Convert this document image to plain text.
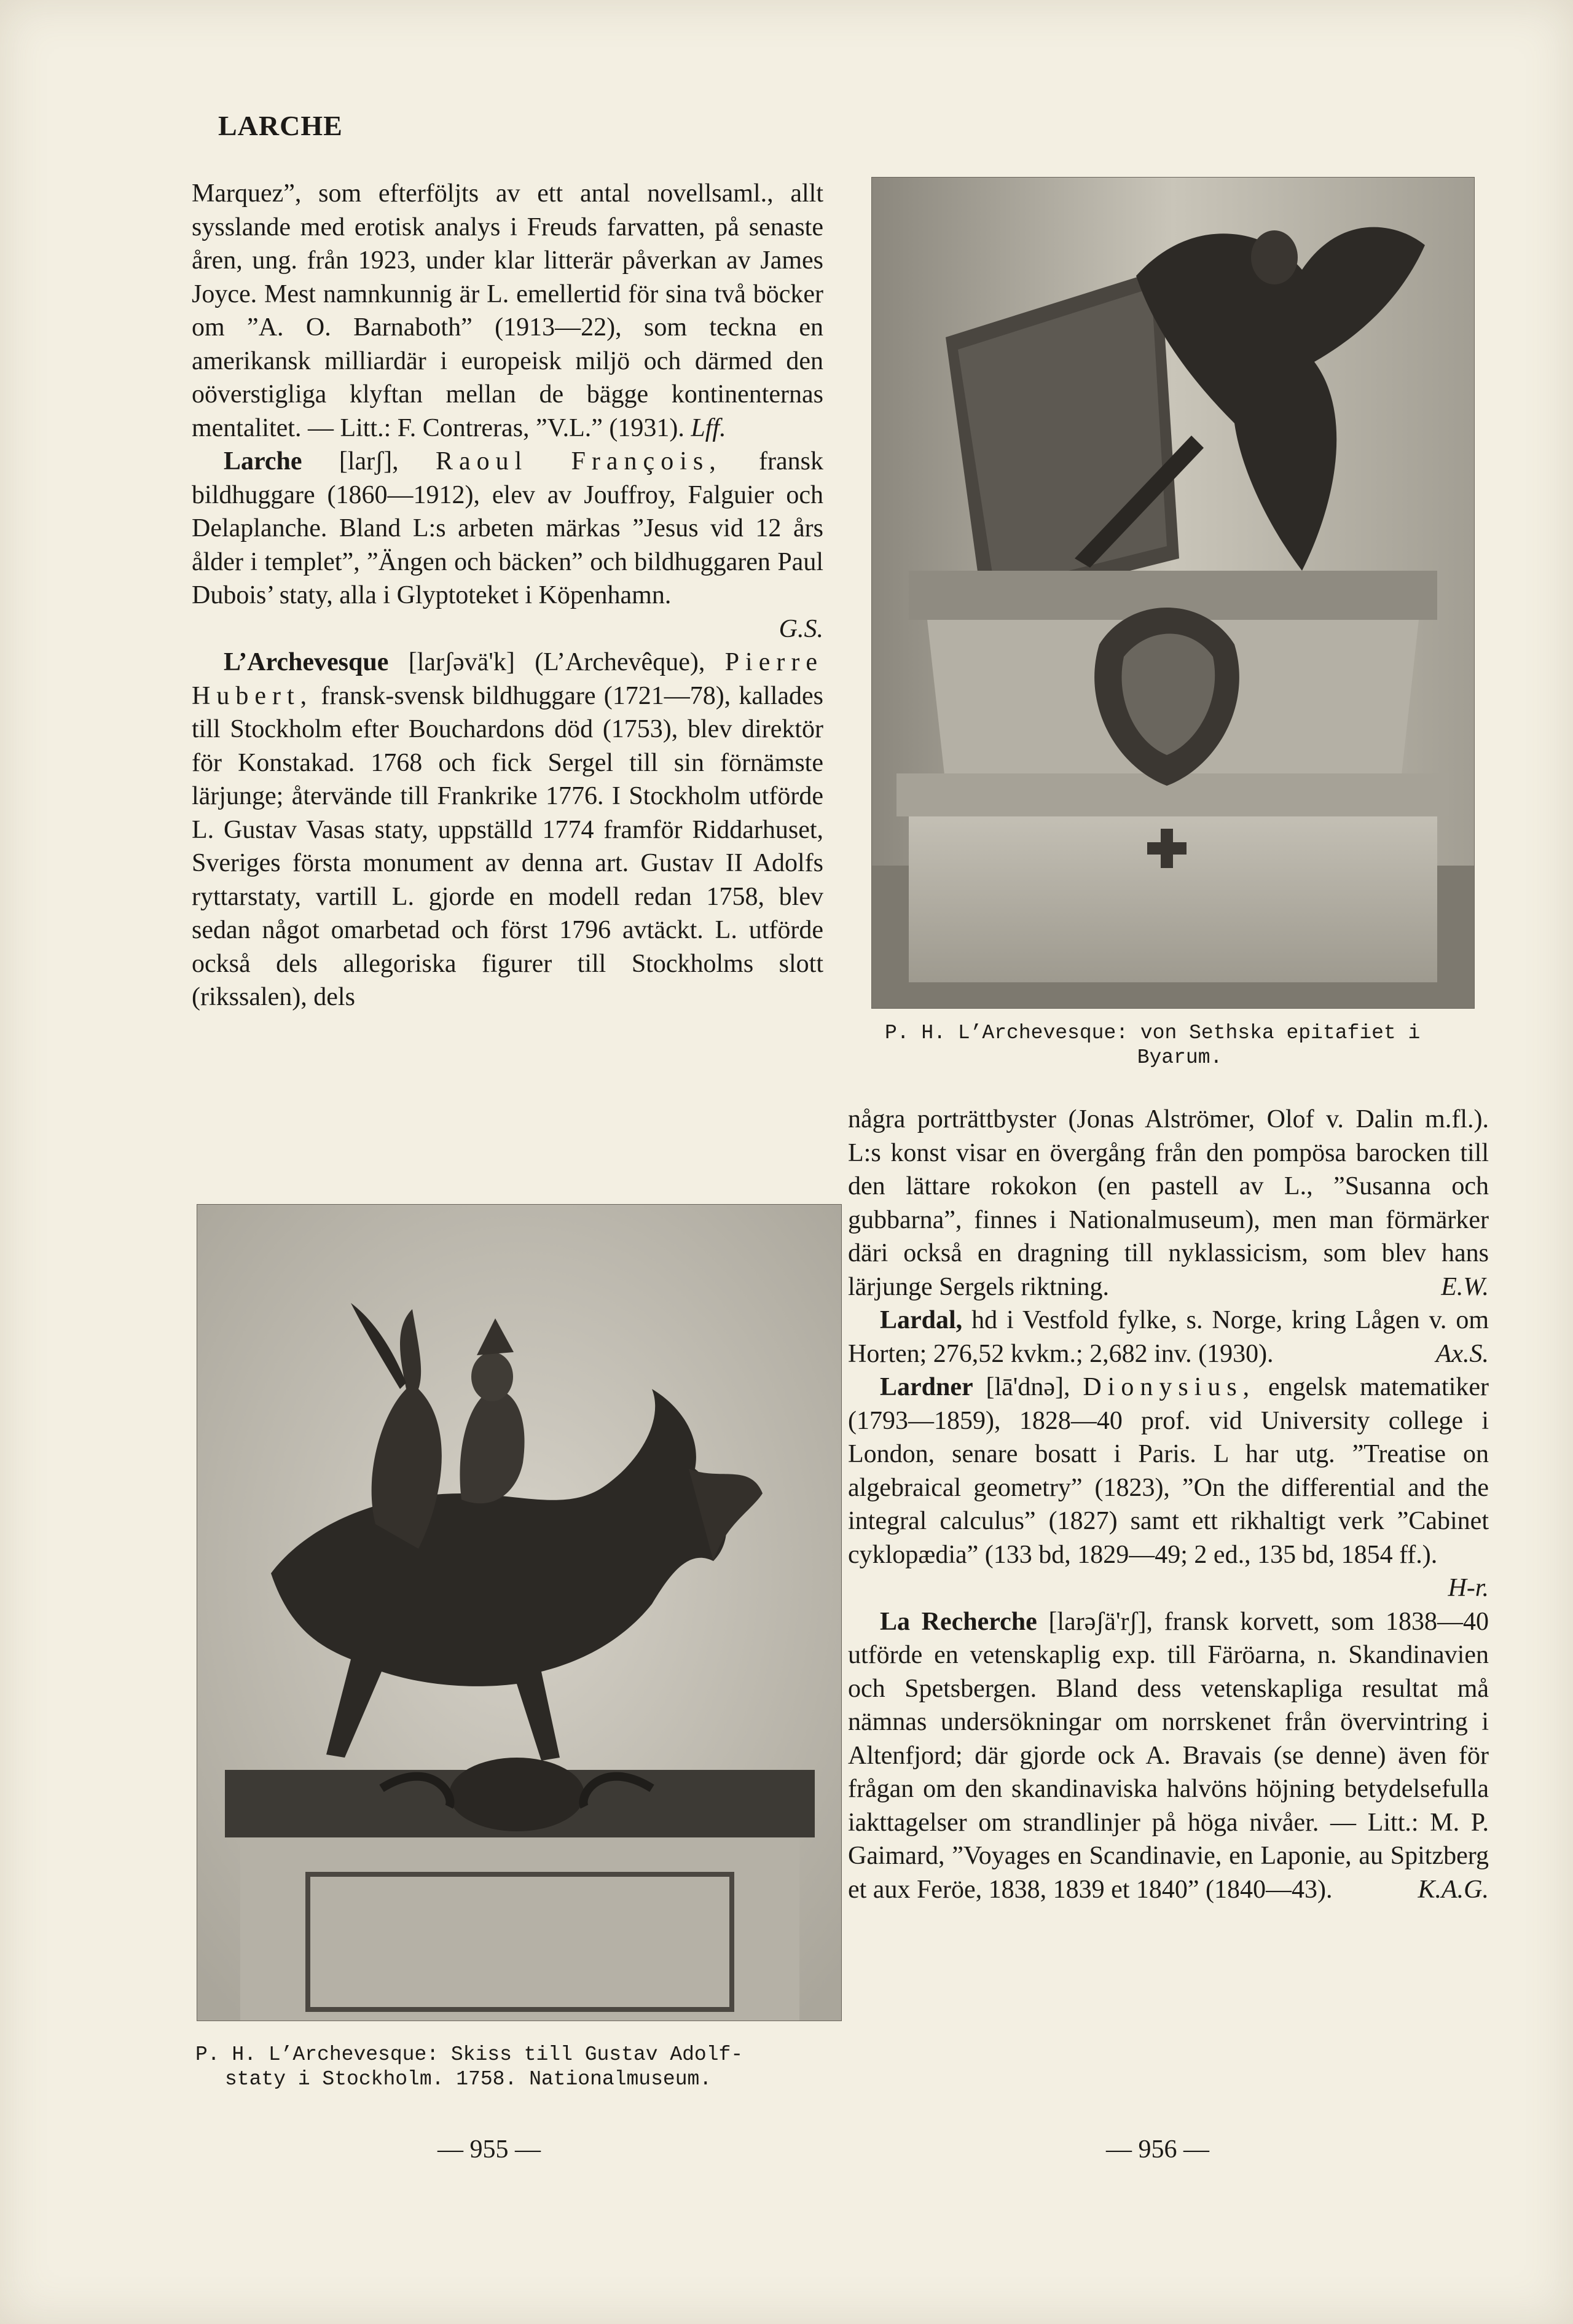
LARCHE

Marquez”, som efterföljts av ett antal novellsaml., allt sysslande med erotisk analys i Freuds farvatten, på senaste åren, ung. från 1923, under klar litterär påverkan av James Joyce. Mest namnkunnig är L. emellertid för sina två böcker om ”A. O. Barnaboth” (1913—22), som teckna en amerikansk milliardär i europeisk miljö och därmed den oöverstigliga klyftan mellan de bägge kontinenternas mentalitet. — Litt.: F. Contreras, ”V.L.” (1931). Lff.

Larche [larʃ], Raoul François, fransk bildhuggare (1860—1912), elev av Jouffroy, Falguier och Delaplanche. Bland L:s arbeten märkas ”Jesus vid 12 års ålder i templet”, ”Ängen och bäcken” och bildhuggaren Paul Dubois’ staty, alla i Glyptoteket i Köpenhamn.
G.S.

L’Archevesque [larʃəvä'k] (L’Archevêque), Pierre Hubert, fransk-svensk bildhuggare (1721—78), kallades till Stockholm efter Bouchardons död (1753), blev direktör för Konstakad. 1768 och fick Sergel till sin förnämste lärjunge; återvände till Frankrike 1776. I Stockholm utförde L. Gustav Vasas staty, uppställd 1774 framför Riddarhuset, Sveriges första monument av denna art. Gustav II Adolfs ryttarstaty, vartill L. gjorde en modell redan 1758, blev sedan något omarbetad och först 1796 avtäckt. L. utförde också dels allegoriska figurer till Stockholms slott (rikssalen), dels

P. H. L’Archevesque: von Sethska epitafiet i
Byarum.

några porträttbyster (Jonas Alströmer, Olof v. Dalin m.fl.). L:s konst visar en övergång från den pompösa barocken till den lättare rokokon (en pastell av L., ”Susanna och gubbarna”, finnes i Nationalmuseum), men man förmärker däri också en dragning till nyklassicism, som blev hans lärjunge Sergels riktning.	E.W.

Lardal, hd i Vestfold fylke, s. Norge, kring Lågen v. om Horten; 276,52 kvkm.; 2,682 inv. (1930).	Ax.S.

Lardner [lā'dnə], Dionysius, engelsk matematiker (1793—1859), 1828—40 prof. vid University college i London, senare bosatt i Paris. L har utg. ”Treatise on algebraical geometry” (1823), ”On the differential and the integral calculus” (1827) samt ett rikhaltigt verk ”Cabinet cyklopædia” (133 bd, 1829—49; 2 ed., 135 bd, 1854 ff.).
H-r.

La Recherche [larəʃä'rʃ], fransk korvett, som 1838—40 utförde en vetenskaplig exp. till Färöarna, n. Skandinavien och Spetsbergen. Bland dess vetenskapliga resultat må nämnas undersökningar om norrskenet från övervintring i Altenfjord; där gjorde ock A. Bravais (se denne) även för frågan om den skandinaviska halvöns höjning betydelsefulla iakttagelser om strandlinjer på höga nivåer. — Litt.: M. P. Gaimard, ”Voyages en Scandinavie, en Laponie, au Spitzberg et aux Feröe, 1838, 1839 et 1840” (1840—43).	K.A.G.

P. H. L’Archevesque: Skiss till Gustav Adolf-
staty i Stockholm. 1758. Nationalmuseum.
— 955 —	— 956 —
